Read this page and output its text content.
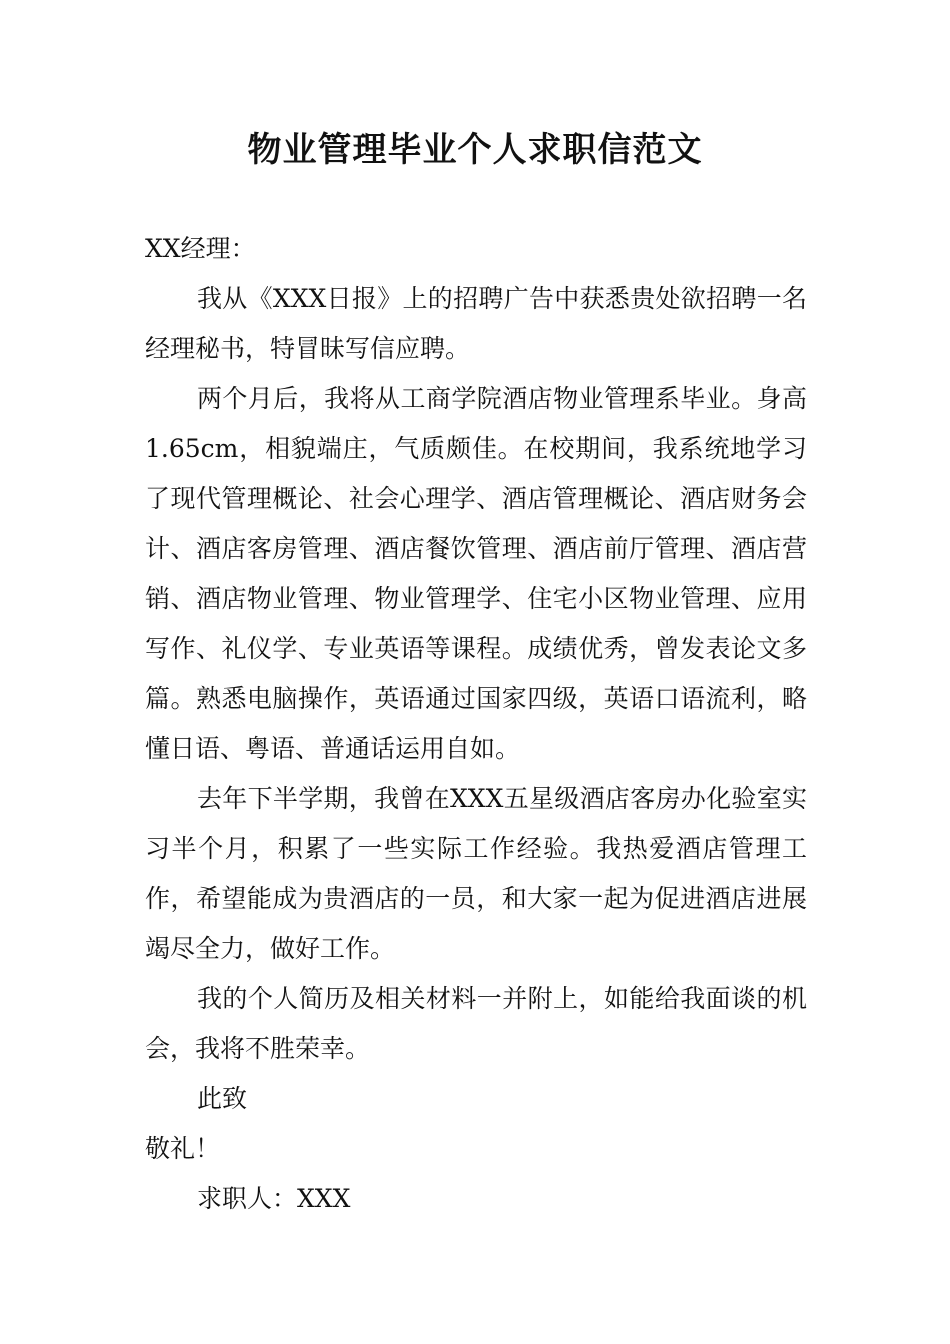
物业管理毕业个人求职信范文

XX经理：

我从《XXX日报》上的招聘广告中获悉贵处欲招聘一名经理秘书，特冒昧写信应聘。

两个月后，我将从工商学院酒店物业管理系毕业。身高1.65cm，相貌端庄，气质颇佳。在校期间，我系统地学习了现代管理概论、社会心理学、酒店管理概论、酒店财务会计、酒店客房管理、酒店餐饮管理、酒店前厅管理、酒店营销、酒店物业管理、物业管理学、住宅小区物业管理、应用写作、礼仪学、专业英语等课程。成绩优秀，曾发表论文多篇。熟悉电脑操作，英语通过国家四级，英语口语流利，略懂日语、粤语、普通话运用自如。

去年下半学期，我曾在XXX五星级酒店客房办化验室实习半个月，积累了一些实际工作经验。我热爱酒店管理工作，希望能成为贵酒店的一员，和大家一起为促进酒店进展竭尽全力，做好工作。

我的个人简历及相关材料一并附上，如能给我面谈的机会，我将不胜荣幸。

此致

敬礼！

求职人：XXX
